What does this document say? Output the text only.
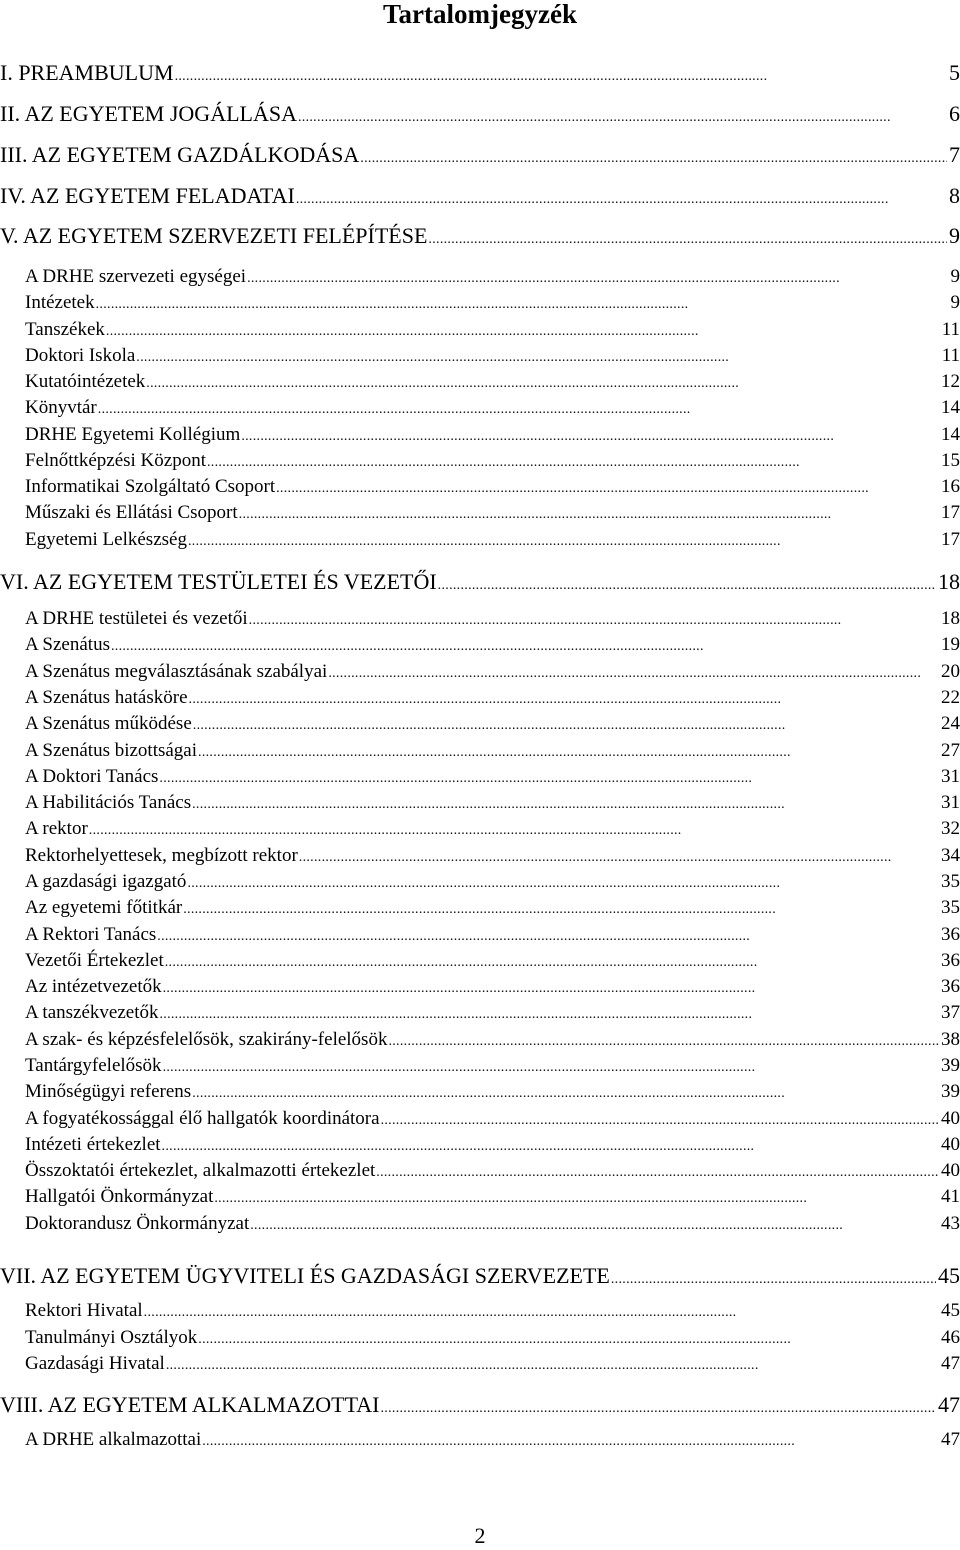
Tartalomjegyzék
I. PREAMBULUM . . .	5
II. AZ EGYETEM JOGÁLLÁSA . . .	6
III. AZ EGYETEM GAZDÁLKODÁSA . . .	7
IV. AZ EGYETEM FELADATAI . . .	8
V. AZ EGYETEM SZERVEZETI FELÉPÍTÉSE . . .	9
A DRHE szervezeti egységei . . .	9
Intézetek . . .	9
Tanszékek . . .	11
Doktori Iskola . . .	11
Kutatóintézetek . . .	12
Könyvtár . . .	14
DRHE Egyetemi Kollégium . . .	14
Felnőttképzési Központ . . .	15
Informatikai Szolgáltató Csoport . . .	16
Műszaki és Ellátási Csoport . . .	17
Egyetemi Lelkészség . . .	17
VI. AZ EGYETEM TESTÜLETEI ÉS VEZETŐI . . .	18
A DRHE testületei és vezetői . . .	18
A Szenátus . . .	19
A Szenátus megválasztásának szabályai . . .	20
A Szenátus hatásköre . . .	22
A Szenátus működése . . .	24
A Szenátus bizottságai . . .	27
A Doktori Tanács . . .	31
A Habilitációs Tanács . . .	31
A rektor . . .	32
Rektorhelyettesek, megbízott rektor . . .	34
A gazdasági igazgató . . .	35
Az egyetemi főtitkár . . .	35
A Rektori Tanács . . .	36
Vezetői Értekezlet . . .	36
Az intézetvezetők . . .	36
A tanszékvezetők . . .	37
A szak- és képzésfelelősök, szakirány-felelősök . . .	38
Tantárgyfelelősök . . .	39
Minőségügyi referens . . .	39
A fogyatékossággal élő hallgatók koordinátora . . .	40
Intézeti értekezlet . . .	40
Összoktatói értekezlet, alkalmazotti értekezlet . . .	40
Hallgatói Önkormányzat . . .	41
Doktorandusz Önkormányzat . . .	43
VII. AZ EGYETEM ÜGYVITELI ÉS GAZDASÁGI SZERVEZETE . . .	45
Rektori Hivatal . . .	45
Tanulmányi Osztályok . . .	46
Gazdasági Hivatal . . .	47
VIII. AZ EGYETEM ALKALMAZOTTAI . . .	47
A DRHE alkalmazottai . . .	47
2
